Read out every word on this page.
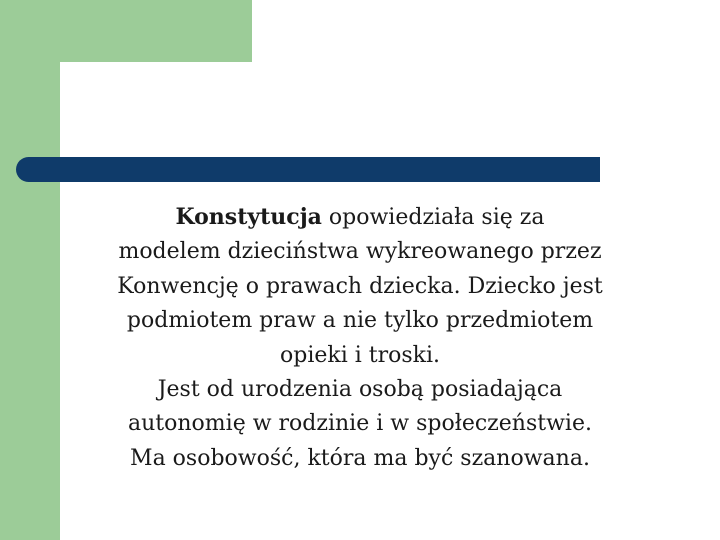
Konstytucja opowiedziała się za
modelem dzieciństwa wykreowanego przez
Konwencję o prawach dziecka. Dziecko jest
podmiotem praw a nie tylko przedmiotem
opieki i troski.
Jest od urodzenia osobą posiadająca
autonomię w rodzinie i w społeczeństwie.
Ma osobowość, która ma być szanowana.
